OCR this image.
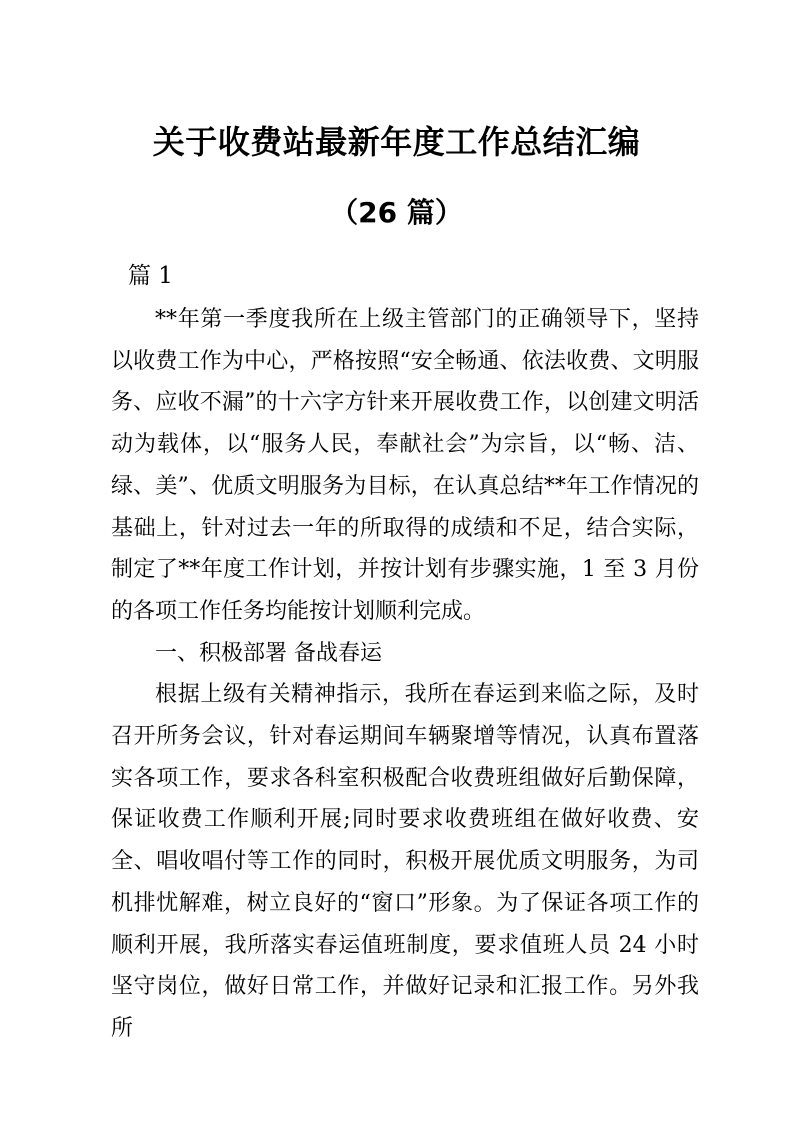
关于收费站最新年度工作总结汇编
（26 篇）
篇 1

**年第一季度我所在上级主管部门的正确领导下，坚持以收费工作为中心，严格按照“安全畅通、依法收费、文明服务、应收不漏”的十六字方针来开展收费工作，以创建文明活动为载体，以“服务人民，奉献社会”为宗旨，以“畅、洁、绿、美”、优质文明服务为目标，在认真总结**年工作情况的基础上，针对过去一年的所取得的成绩和不足，结合实际，制定了**年度工作计划，并按计划有步骤实施，1 至 3 月份的各项工作任务均能按计划顺利完成。

一、积极部署 备战春运

根据上级有关精神指示，我所在春运到来临之际，及时召开所务会议，针对春运期间车辆聚增等情况，认真布置落实各项工作，要求各科室积极配合收费班组做好后勤保障，保证收费工作顺利开展;同时要求收费班组在做好收费、安全、唱收唱付等工作的同时，积极开展优质文明服务，为司机排忧解难，树立良好的“窗口”形象。为了保证各项工作的顺利开展，我所落实春运值班制度，要求值班人员 24 小时坚守岗位，做好日常工作，并做好记录和汇报工作。另外我所
